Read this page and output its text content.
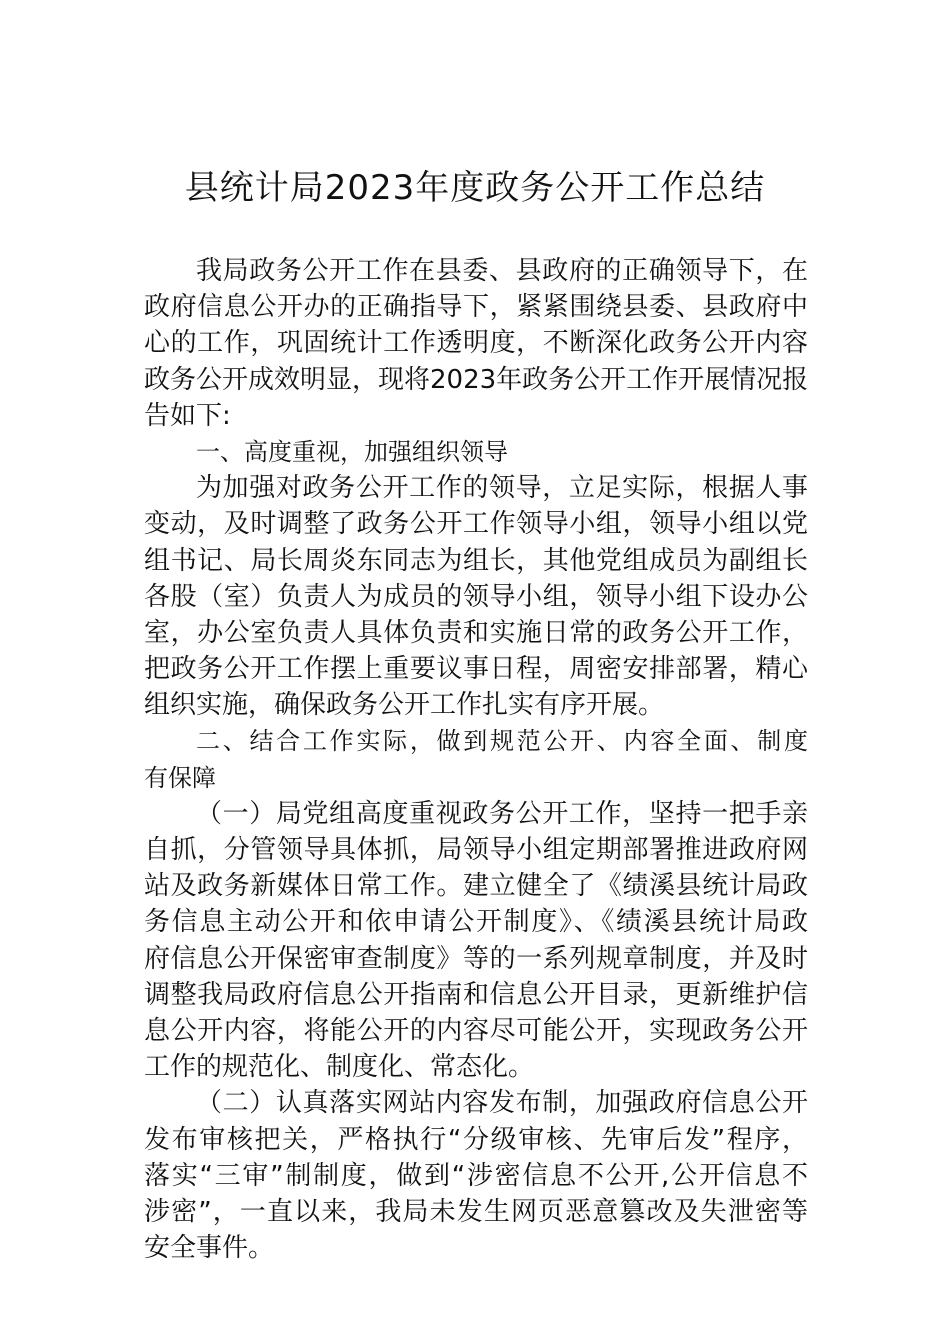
县统计局2023年度政务公开工作总结
我局政务公开工作在县委、县政府的正确领导下，在
政府信息公开办的正确指导下，紧紧围绕县委、县政府中
心的工作，巩固统计工作透明度，不断深化政务公开内容
政务公开成效明显，现将2023年政务公开工作开展情况报
告如下:
一、高度重视，加强组织领导
为加强对政务公开工作的领导，立足实际，根据人事
变动，及时调整了政务公开工作领导小组，领导小组以党
组书记、局长周炎东同志为组长，其他党组成员为副组长
各股（室）负责人为成员的领导小组，领导小组下设办公
室，办公室负责人具体负责和实施日常的政务公开工作，
把政务公开工作摆上重要议事日程，周密安排部署，精心
组织实施，确保政务公开工作扎实有序开展。
二、结合工作实际，做到规范公开、内容全面、制度
有保障
（一）局党组高度重视政务公开工作，坚持一把手亲
自抓，分管领导具体抓，局领导小组定期部署推进政府网
站及政务新媒体日常工作。建立健全了《绩溪县统计局政
务信息主动公开和依申请公开制度》、《绩溪县统计局政
府信息公开保密审查制度》等的一系列规章制度，并及时
调整我局政府信息公开指南和信息公开目录，更新维护信
息公开内容，将能公开的内容尽可能公开，实现政务公开
工作的规范化、制度化、常态化。
（二）认真落实网站内容发布制，加强政府信息公开
发布审核把关，严格执行“分级审核、先审后发”程序，
落实“三审”制制度，做到“涉密信息不公开,公开信息不
涉密”，一直以来，我局未发生网页恶意篡改及失泄密等
安全事件。
